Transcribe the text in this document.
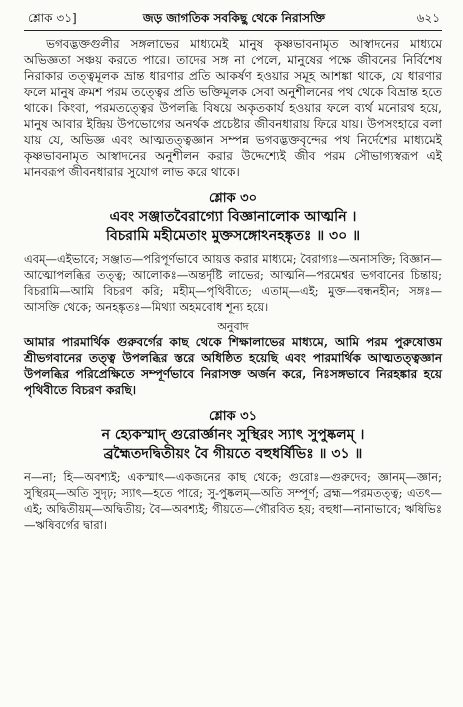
শ্লোক ৩১]	জড় জাগতিক সবকিছু থেকে নিরাসক্তি	৬২১

ভগবদ্ভক্তগুলীর সঙ্গলাভের মাধ্যমেই মানুষ কৃষ্ণভাবনামৃত আস্বাদনের মাধ্যমে অভিজ্ঞতা সঞ্চয় করতে পারে। তাদের সঙ্গ না পেলে, মানুষের পক্ষে জীবনের নির্বিশেষ নিরাকার তত্ত্বমূলক ভ্রান্ত ধারণার প্রতি আকর্ষণ হওয়ার সমূহ আশঙ্কা থাকে, যে ধারণার ফলে মানুষ ক্রমশ পরম তত্ত্বের প্রতি ভক্তিমূলক সেবা অনুশীলনের পথ থেকে বিভ্রান্ত হতে থাকে। কিংবা, পরমতত্ত্বের উপলব্ধি বিষয়ে অকৃতকার্য হওয়ার ফলে ব্যর্থ মনোরথ হয়ে, মানুষ আবার ইন্দ্রিয় উপভোগের অনর্থক প্রচেষ্টার জীবনধারায় ফিরে যায়। উপসংহারে বলা যায় যে, অভিজ্ঞ এবং আত্মতত্ত্বজ্ঞান সম্পন্ন ভগবদ্ভক্তবৃন্দের পথ নির্দেশের মাধ্যমেই কৃষ্ণভাবনামৃত আস্বাদনের অনুশীলন করার উদ্দেশ্যেই জীব পরম সৌভাগ্যস্বরূপ এই মানবরূপ জীবনধারার সুযোগ লাভ করে থাকে।

শ্লোক ৩০
এবং সঞ্জাতবৈরাগ্যো বিজ্ঞানালোক আত্মনি ।
বিচরামি মহীমেতাং মুক্তসঙ্গোঽনহঙ্কৃতঃ ॥ ৩০ ॥

এবম্—এইভাবে; সঞ্জাত—পরিপূর্ণভাবে আয়ত্ত করার মাধ্যমে; বৈরাগ্যঃ—অনাসক্তি; বিজ্ঞান—আত্মোপলব্ধির তত্ত্ব; আলোকঃ—অন্তর্দৃষ্টি লাভের; আত্মনি—পরমেশ্বর ভগবানের চিন্তায়; বিচরামি—আমি বিচরণ করি; মহীম্—পৃথিবীতে; এতাম্—এই; মুক্ত—বন্ধনহীন; সঙ্গঃ—আসক্তি থেকে; অনহঙ্কৃতঃ—মিথ্যা অহমবোধ শূন্য হয়ে।

অনুবাদ

আমার পারমার্থিক গুরুবর্গের কাছ থেকে শিক্ষালাভের মাধ্যমে, আমি পরম পুরুষোত্তম শ্রীভগবানের তত্ত্ব উপলব্ধির স্তরে অধিষ্ঠিত হয়েছি এবং পারমার্থিক আত্মতত্ত্বজ্ঞান উপলব্ধির পরিপ্রেক্ষিতে সম্পূর্ণভাবে নিরাসক্ত অর্জন করে, নিঃসঙ্গভাবে নিরহঙ্কার হয়ে পৃথিবীতে বিচরণ করছি।

শ্লোক ৩১
ন হ্যেকস্মাদ্ গুরোর্জ্ঞানং সুস্থিরং স্যাৎ সুপুষ্কলম্ ।
ব্রহ্মৈতদদ্বিতীয়ং বৈ গীয়তে বহুধর্ষিভিঃ ॥ ৩১ ॥

ন—না; হি—অবশ্যই; একস্মাৎ—একজনের কাছ থেকে; গুরোঃ—গুরুদেব; জ্ঞানম্—জ্ঞান; সুস্থিরম্—অতি সুদৃঢ়; স্যাৎ—হতে পারে; সু-পুষ্কলম্—অতি সম্পূর্ণ; ব্রহ্ম—পরমতত্ত্ব; এতৎ—এই; অদ্বিতীয়ম্—অদ্বিতীয়; বৈ—অবশ্যই; গীয়তে—গৌরবিত হয়; বহুধা—নানাভাবে; ঋষিভিঃ—ঋষিবর্গের দ্বারা।
